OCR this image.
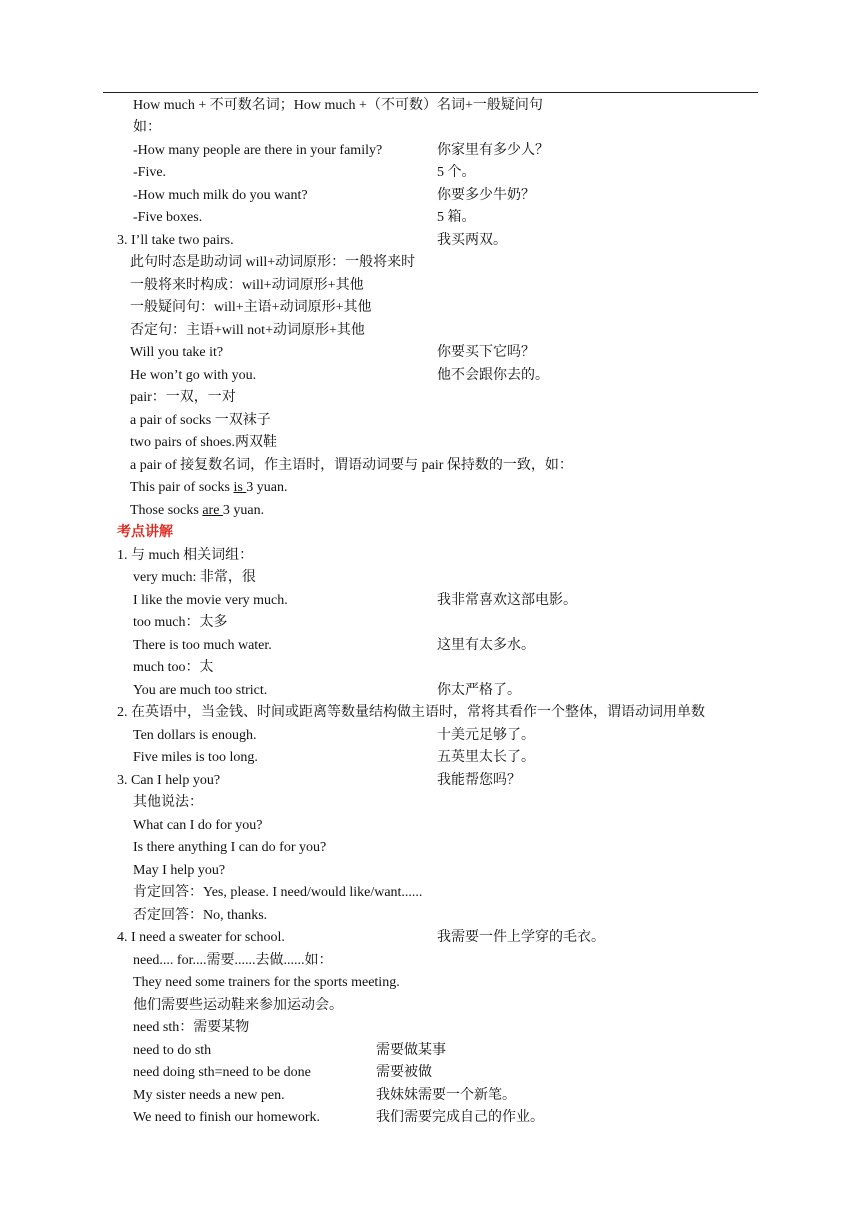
How much + 不可数名词；How much +（不可数）名词+一般疑问句
如：
-How many people are there in your family?	你家里有多少人？
-Five.	5 个。
-How much milk do you want?	你要多少牛奶？
-Five boxes.	5 箱。
3. I’ll take two pairs.	我买两双。
此句时态是助动词 will+动词原形：一般将来时
一般将来时构成：will+动词原形+其他
一般疑问句：will+主语+动词原形+其他
否定句：主语+will not+动词原形+其他
Will you take it?	你要买下它吗？
He won’t go with you.	他不会跟你去的。
pair：一双，一对
a pair of socks 一双袜子
two pairs of shoes.两双鞋
a pair of 接复数名词，作主语时，谓语动词要与 pair 保持数的一致，如：
This pair of socks is 3 yuan.
Those socks are 3 yuan.
考点讲解
1. 与 much 相关词组：
very much: 非常，很
I like the movie very much.	我非常喜欢这部电影。
too much：太多
There is too much water.	这里有太多水。
much too：太
You are much too strict.	你太严格了。
2. 在英语中，当金钱、时间或距离等数量结构做主语时，常将其看作一个整体，谓语动词用单数
Ten dollars is enough.	十美元足够了。
Five miles is too long.	五英里太长了。
3. Can I help you?	我能帮您吗？
其他说法：
What can I do for you?
Is there anything I can do for you?
May I help you?
肯定回答：Yes, please. I need/would like/want......
否定回答：No, thanks.
4. I need a sweater for school.	我需要一件上学穿的毛衣。
need.... for....需要......去做......如：
They need some trainers for the sports meeting.
他们需要些运动鞋来参加运动会。
need sth：需要某物
need to do sth	需要做某事
need doing sth=need to be done	需要被做
My sister needs a new pen.	我妹妹需要一个新笔。
We need to finish our homework.	我们需要完成自己的作业。
